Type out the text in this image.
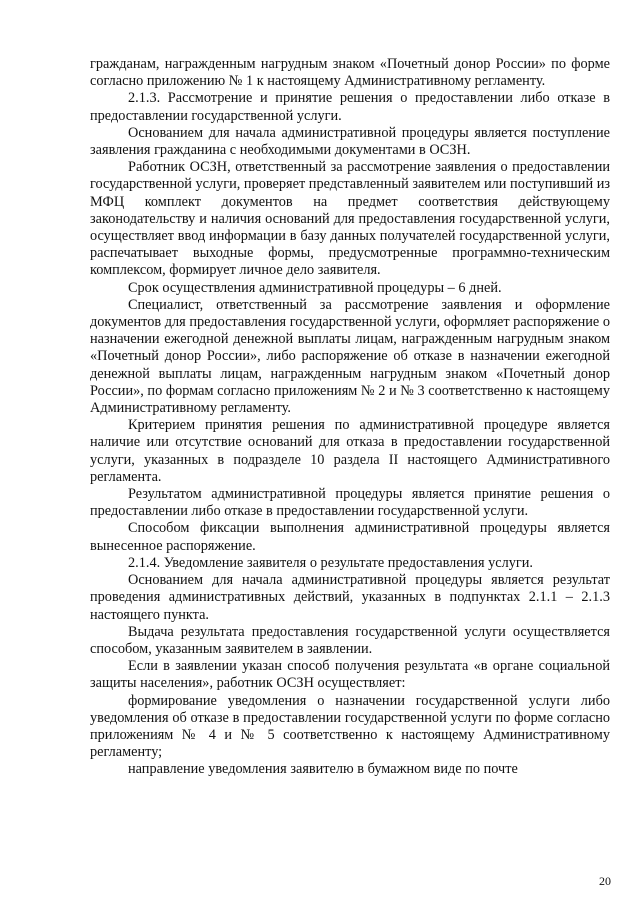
гражданам, награжденным нагрудным знаком «Почетный донор России» по форме согласно приложению № 1 к настоящему Административному регламенту.

2.1.3. Рассмотрение и принятие решения о предоставлении либо отказе в предоставлении государственной услуги.

Основанием для начала административной процедуры является поступление заявления гражданина с необходимыми документами в ОСЗН.

Работник ОСЗН, ответственный за рассмотрение заявления о предоставлении государственной услуги, проверяет представленный заявителем или поступивший из МФЦ комплект документов на предмет соответствия действующему законодательству и наличия оснований для предоставления государственной услуги, осуществляет ввод информации в базу данных получателей государственной услуги, распечатывает выходные формы, предусмотренные программно-техническим комплексом, формирует личное дело заявителя.

Срок осуществления административной процедуры – 6 дней.

Специалист, ответственный за рассмотрение заявления и оформление документов для предоставления государственной услуги, оформляет распоряжение о назначении ежегодной денежной выплаты лицам, награжденным нагрудным знаком «Почетный донор России», либо распоряжение об отказе в назначении ежегодной денежной выплаты лицам, награжденным нагрудным знаком «Почетный донор России», по формам согласно приложениям № 2 и № 3 соответственно к настоящему Административному регламенту.

Критерием принятия решения по административной процедуре является наличие или отсутствие оснований для отказа в предоставлении государственной услуги, указанных в подразделе 10 раздела II настоящего Административного регламента.

Результатом административной процедуры является принятие решения о предоставлении либо отказе в предоставлении государственной услуги.

Способом фиксации выполнения административной процедуры является вынесенное распоряжение.

2.1.4. Уведомление заявителя о результате предоставления услуги.

Основанием для начала административной процедуры является результат проведения административных действий, указанных в подпунктах 2.1.1 – 2.1.3 настоящего пункта.

Выдача результата предоставления государственной услуги осуществляется способом, указанным заявителем в заявлении.

Если в заявлении указан способ получения результата «в органе социальной защиты населения», работник ОСЗН осуществляет:

формирование уведомления о назначении государственной услуги либо уведомления об отказе в предоставлении государственной услуги по форме согласно приложениям № 4 и № 5 соответственно к настоящему Административному регламенту;

направление уведомления заявителю в бумажном виде по почте

20
